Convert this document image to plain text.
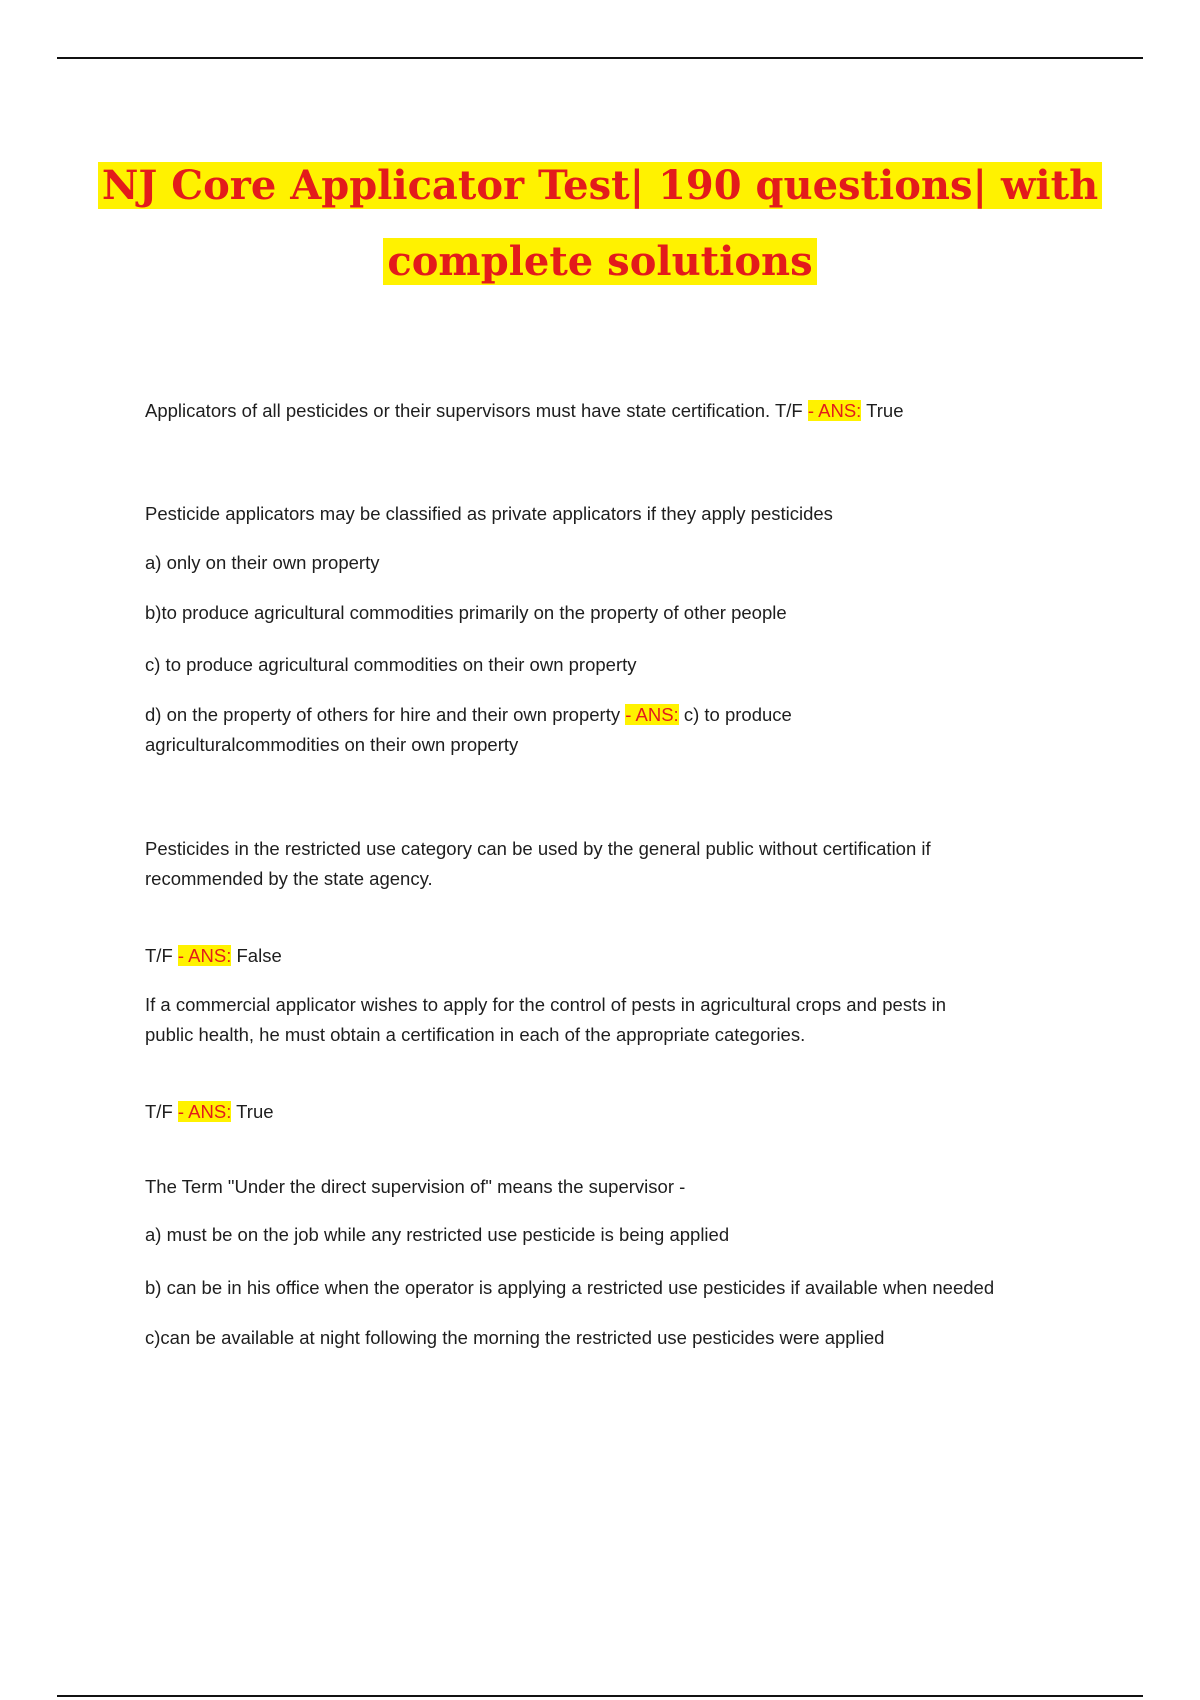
NJ Core Applicator Test| 190 questions| with
complete solutions

Applicators of all pesticides or their supervisors must have state certification. T/F - ANS: True

Pesticide applicators may be classified as private applicators if they apply pesticides

a) only on their own property

b)to produce agricultural commodities primarily on the property of other people

c) to produce agricultural commodities on their own property

d) on the property of others for hire and their own property - ANS: c) to produce
agriculturalcommodities on their own property

Pesticides in the restricted use category can be used by the general public without certification if
recommended by the state agency.

T/F - ANS: False

If a commercial applicator wishes to apply for the control of pests in agricultural crops and pests in
public health, he must obtain a certification in each of the appropriate categories.

T/F - ANS: True

The Term "Under the direct supervision of" means the supervisor -

a) must be on the job while any restricted use pesticide is being applied

b) can be in his office when the operator is applying a restricted use pesticides if available when needed

c)can be available at night following the morning the restricted use pesticides were applied
